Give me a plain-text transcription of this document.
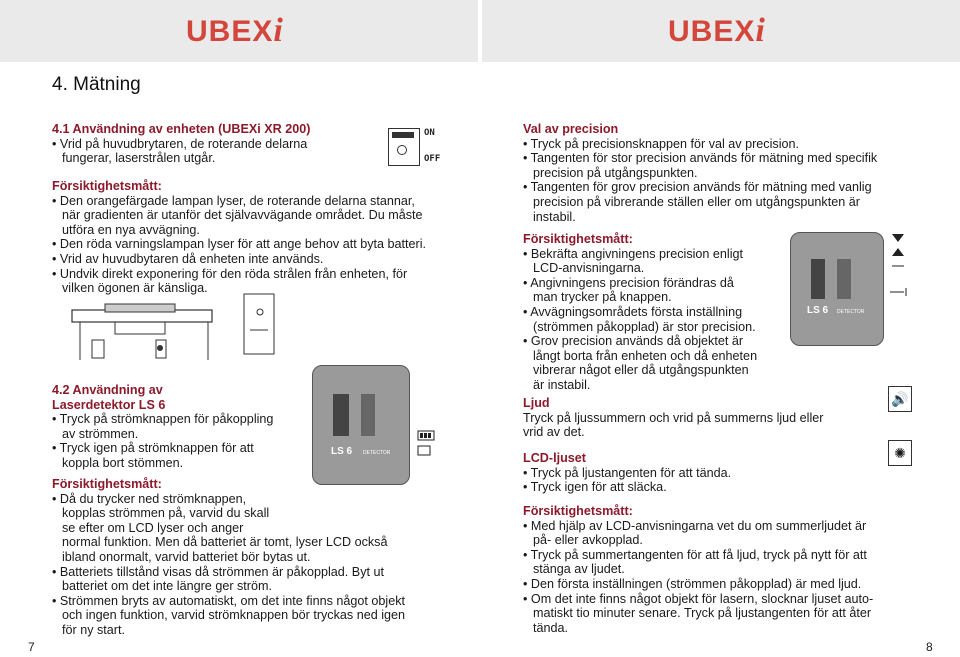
UBEXi	UBEXi
4. Mätning

4.1 Användning av enheten (UBEXi XR 200)

• Vrid på huvudbrytaren, de roterande delarna

fungerar, laserstrålen utgår.

ON
OFF

Försiktighetsmått:

• Den orangefärgade lampan lyser, de roterande delarna stannar,

när gradienten är utanför det självavvägande området. Du måste

utföra en nya avvägning.

• Den röda varningslampan lyser för att ange behov att byta batteri.

• Vrid av huvudbytaren då enheten inte används.

• Undvik direkt exponering för den röda strålen från enheten, för

vilken ögonen är känsliga.

4.2 Användning av

Laserdetektor LS 6

• Tryck på strömknappen för påkoppling

av strömmen.

• Tryck igen på strömknappen för att

koppla bort stömmen.

LS 6 DETECTOR

Försiktighetsmått:

• Då du trycker ned strömknappen,

kopplas strömmen på, varvid du skall

se efter om LCD lyser och anger

normal funktion. Men då batteriet är tomt, lyser LCD också

ibland onormalt, varvid batteriet bör bytas ut.

• Batteriets tillstånd visas då strömmen är påkopplad. Byt ut

batteriet om det inte längre ger ström.

• Strömmen bryts av automatiskt, om det inte finns något objekt

och ingen funktion, varvid strömknappen bör tryckas ned igen

för ny start.

7

Val av precision

• Tryck på precisionsknappen för val av precision.

• Tangenten för stor precision används för mätning med specifik

precision på utgångspunkten.

• Tangenten för grov precision används för mätning med vanlig

precision på vibrerande ställen eller om utgångspunkten är

instabil.

Försiktighetsmått:

• Bekräfta angivningens precision enligt

LCD-anvisningarna.

• Angivningens precision förändras då

man trycker på knappen.

• Avvägningsområdets första inställning

(strömmen påkopplad) är stor precision.

• Grov precision används då objektet är

långt borta från enheten och då enheten

vibrerar något eller då utgångspunkten

är instabil.

LS 6 DETECTOR

Ljud

Tryck på ljussummern och vrid på summerns ljud eller

vrid av det.

🔊
✺

LCD-ljuset

• Tryck på ljustangenten för att tända.

• Tryck igen för att släcka.

Försiktighetsmått:

• Med hjälp av LCD-anvisningarna vet du om summerljudet är

på- eller avkopplad.

• Tryck på summertangenten för att få ljud, tryck på nytt för att

stänga av ljudet.

• Den första inställningen (strömmen påkopplad) är med ljud.

• Om det inte finns något objekt för lasern, slocknar ljuset auto-

matiskt tio minuter senare. Tryck på ljustangenten för att åter

tända.

8
